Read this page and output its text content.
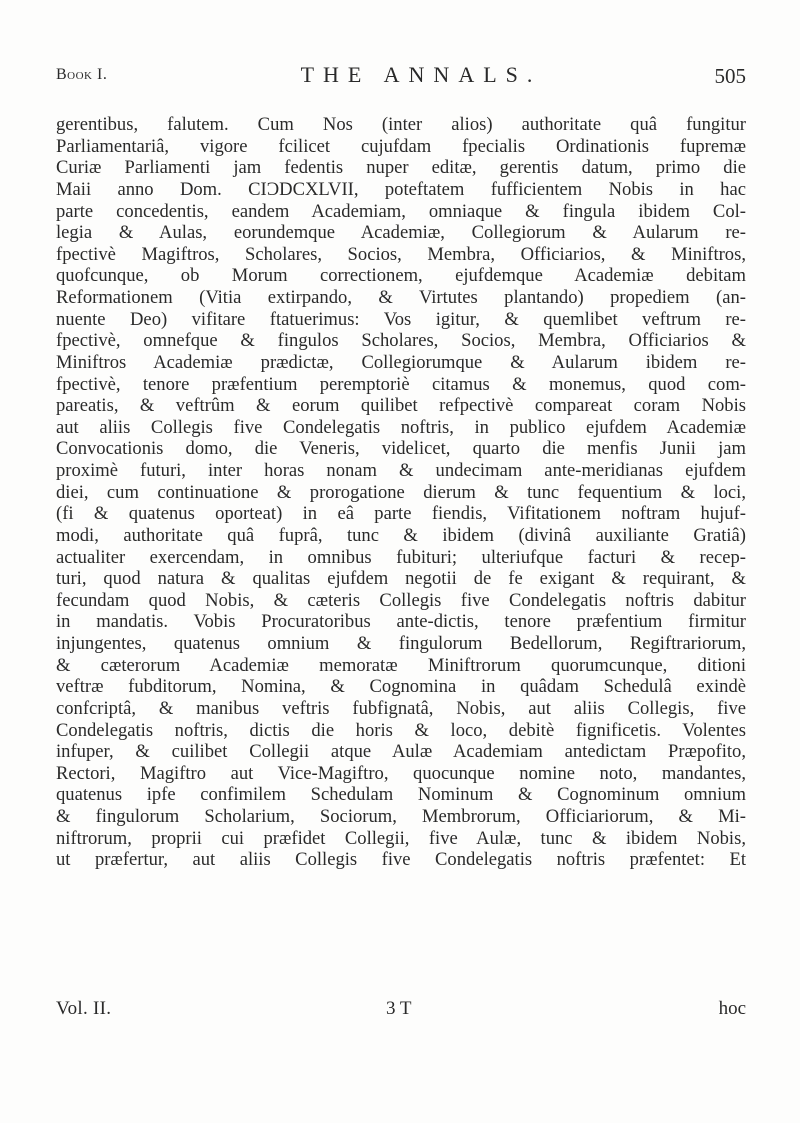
Book I.	THE ANNALS.	505
gerentibus, falutem. Cum Nos (inter alios) authoritate quâ fungitur
Parliamentariâ, vigore fcilicet cujufdam fpecialis Ordinationis fupremæ
Curiæ Parliamenti jam fedentis nuper editæ, gerentis datum, primo die
Maii anno Dom. CIƆDCXLVII, poteftatem fufficientem Nobis in hac
parte concedentis, eandem Academiam, omniaque & fingula ibidem Col-
legia & Aulas, eorundemque Academiæ, Collegiorum & Aularum re-
fpectivè Magiftros, Scholares, Socios, Membra, Officiarios, & Miniftros,
quofcunque, ob Morum correctionem, ejufdemque Academiæ debitam
Reformationem (Vitia extirpando, & Virtutes plantando) propediem (an-
nuente Deo) vifitare ftatuerimus: Vos igitur, & quemlibet veftrum re-
fpectivè, omnefque & fingulos Scholares, Socios, Membra, Officiarios &
Miniftros Academiæ prædictæ, Collegiorumque & Aularum ibidem re-
fpectivè, tenore præfentium peremptoriè citamus & monemus, quod com-
pareatis, & veftrûm & eorum quilibet refpectivè compareat coram Nobis
aut aliis Collegis five Condelegatis noftris, in publico ejufdem Academiæ
Convocationis domo, die Veneris, videlicet, quarto die menfis Junii jam
proximè futuri, inter horas nonam & undecimam ante-meridianas ejufdem
diei, cum continuatione & prorogatione dierum & tunc fequentium & loci,
(fi & quatenus oporteat) in eâ parte fiendis, Vifitationem noftram hujuf-
modi, authoritate quâ fuprâ, tunc & ibidem (divinâ auxiliante Gratiâ)
actualiter exercendam, in omnibus fubituri; ulteriufque facturi & recep-
turi, quod natura & qualitas ejufdem negotii de fe exigant & requirant, &
fecundam quod Nobis, & cæteris Collegis five Condelegatis noftris dabitur
in mandatis. Vobis Procuratoribus ante-dictis, tenore præfentium firmitur
injungentes, quatenus omnium & fingulorum Bedellorum, Regiftrariorum,
& cæterorum Academiæ memoratæ Miniftrorum quorumcunque, ditioni
veftræ fubditorum, Nomina, & Cognomina in quâdam Schedulâ exindè
confcriptâ, & manibus veftris fubfignatâ, Nobis, aut aliis Collegis, five
Condelegatis noftris, dictis die horis & loco, debitè fignificetis. Volentes
infuper, & cuilibet Collegii atque Aulæ Academiam antedictam Præpofito,
Rectori, Magiftro aut Vice-Magiftro, quocunque nomine noto, mandantes,
quatenus ipfe confimilem Schedulam Nominum & Cognominum omnium
& fingulorum Scholarium, Sociorum, Membrorum, Officiariorum, & Mi-
niftrorum, proprii cui præfidet Collegii, five Aulæ, tunc & ibidem Nobis,
ut præfertur, aut aliis Collegis five Condelegatis noftris præfentet: Et
Vol. II.	3 T	hoc
